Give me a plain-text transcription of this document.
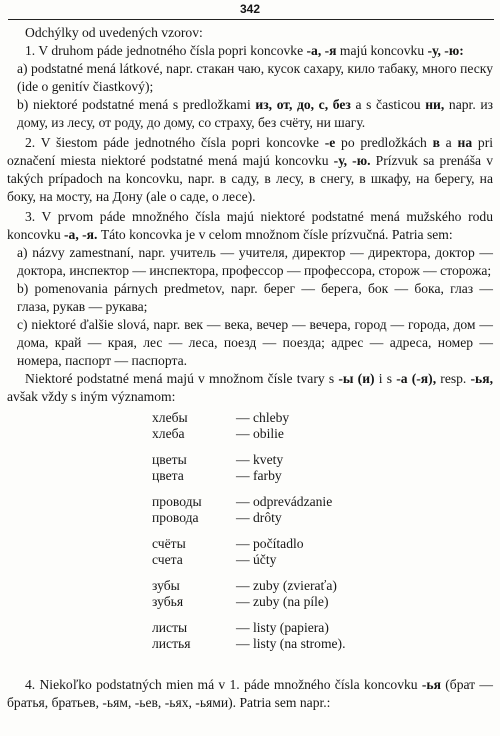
342

Odchýlky od uvedených vzorov:

1. V druhom páde jednotného čísla popri koncovke -а, -я majú koncovku -у, -ю:

a) podstatné mená látkové, napr. стакан чаю, кусок сахару, кило табаку, много песку (ide o genitív čiastkový);

b) niektoré podstatné mená s predložkami из, от, до, с, без a s časticou ни, napr. из дому, из лесу, от роду, до дому, со страху, без счёту, ни шагу.

2. V šiestom páde jednotného čísla popri koncovke -е po predložkách в a на pri označení miesta niektoré podstatné mená majú koncovku -у, -ю. Prízvuk sa prenáša v takých prípadoch na koncovku, napr. в саду, в лесу, в снегу, в шкафу, на берегу, на боку, на мосту, на Дону (ale o саде, о лесе).

3. V prvom páde množného čísla majú niektoré podstatné mená mužského rodu koncovku -а, -я. Táto koncovka je v celom množnom čísle prízvučná. Patria sem:

a) názvy zamestnaní, napr. учитель — учителя, директор — директора, доктор — доктора, инспектор — инспектора, профессор — профессора, сторож — сторожа;

b) pomenovania párnych predmetov, napr. берег — берега, бок — бока, глаз — глаза, рукав — рукава;

c) niektoré ďalšie slová, napr. век — века, вечер — вечера, город — города, дом — дома, край — края, лес — леса, поезд — поезда; адрес — адреса, номер — номера, паспорт — паспорта.

Niektoré podstatné mená majú v množnom čísle tvary s -ы (и) i s -а (-я), resp. -ья, avšak vždy s iným významom:

хлебы	— chleby
хлеба	— obilie

цветы	— kvety
цвета	— farby

проводы	— odprevádzanie
провода	— drôty

счёты	— počítadlo
счета	— účty

зубы	— zuby (zvieraťa)
зубья	— zuby (na píle)

листы	— listy (papiera)
листья	— listy (na strome).

4. Niekoľko podstatných mien má v 1. páde množného čísla koncovku -ья (брат — братья, братьев, -ьям, -ьев, -ьях, -ьями). Patria sem napr.:
